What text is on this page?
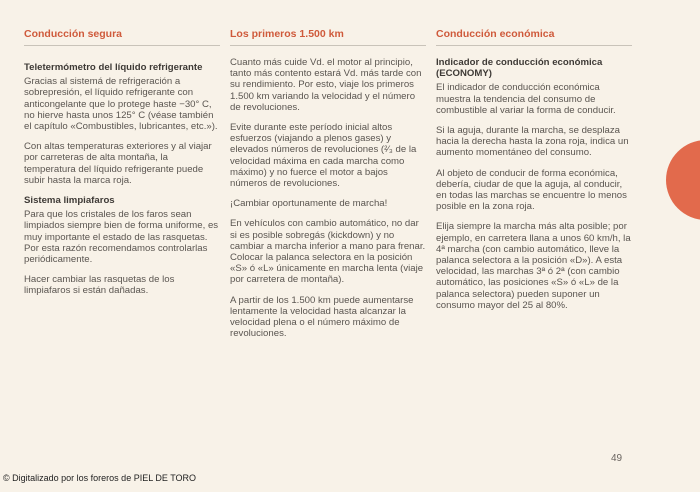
Conducción segura
Teletermómetro del líquido refrigerante

Gracias al sistemá de refrigeración a sobrepresión, el líquido refrigerante con anticongelante que lo protege haste −30° C, no hierve hasta unos 125° C (véase también el capítulo «Combustibles, lubricantes, etc.»).

Con altas temperaturas exteriores y al viajar por carreteras de alta montaña, la temperatura del líquido refrigerante puede subir hasta la marca roja.

Sistema limpiafaros

Para que los cristales de los faros sean limpiados siempre bien de forma uniforme, es muy importante el estado de las rasquetas. Por esta razón recomendamos controlarlas periódicamente.

Hacer cambiar las rasquetas de los limpiafaros si están dañadas.

Los primeros 1.500 km

Cuanto más cuide Vd. el motor al principio, tanto más contento estará Vd. más tarde con su rendimiento. Por esto, viaje los primeros 1.500 km variando la velocidad y el número de revoluciones.

Evite durante este período inicial altos esfuerzos (viajando a plenos gases) y elevados números de revoluciones (²⁄₃ de la velocidad máxima en cada marcha como máximo) y no fuerce el motor a bajos números de revoluciones.

¡Cambiar oportunamente de marcha!

En vehículos con cambio automático, no dar si es posible sobregás (kickdown) y no cambiar a marcha inferior a mano para frenar. Colocar la palanca selectora en la posición «S» ó «L» únicamente en marcha lenta (viaje por carretera de montaña).

A partir de los 1.500 km puede aumentarse lentamente la velocidad hasta alcanzar la velocidad plena o el número máximo de revoluciones.

Conducción económica
Indicador de conducción económica (ECONOMY)

El indicador de conducción económica muestra la tendencia del consumo de combustible al variar la forma de conducir.

Si la aguja, durante la marcha, se desplaza hacia la derecha hasta la zona roja, indica un aumento momentáneo del consumo.

Al objeto de conducir de forma económica, debería, ciudar de que la aguja, al conducir, en todas las marchas se encuentre lo menos posible en la zona roja.

Elija siempre la marcha más alta posible; por ejemplo, en carretera llana a unos 60 km/h, la 4ª marcha (con cambio automático, lleve la palanca selectora a la posición «D»). A esta velocidad, las marchas 3ª ó 2ª (con cambio automático, las posiciones «S» ó «L» de la palanca selectora) pueden suponer un consumo mayor del 25 al 80%.

49
© Digitalizado por los foreros de PIEL DE TORO
